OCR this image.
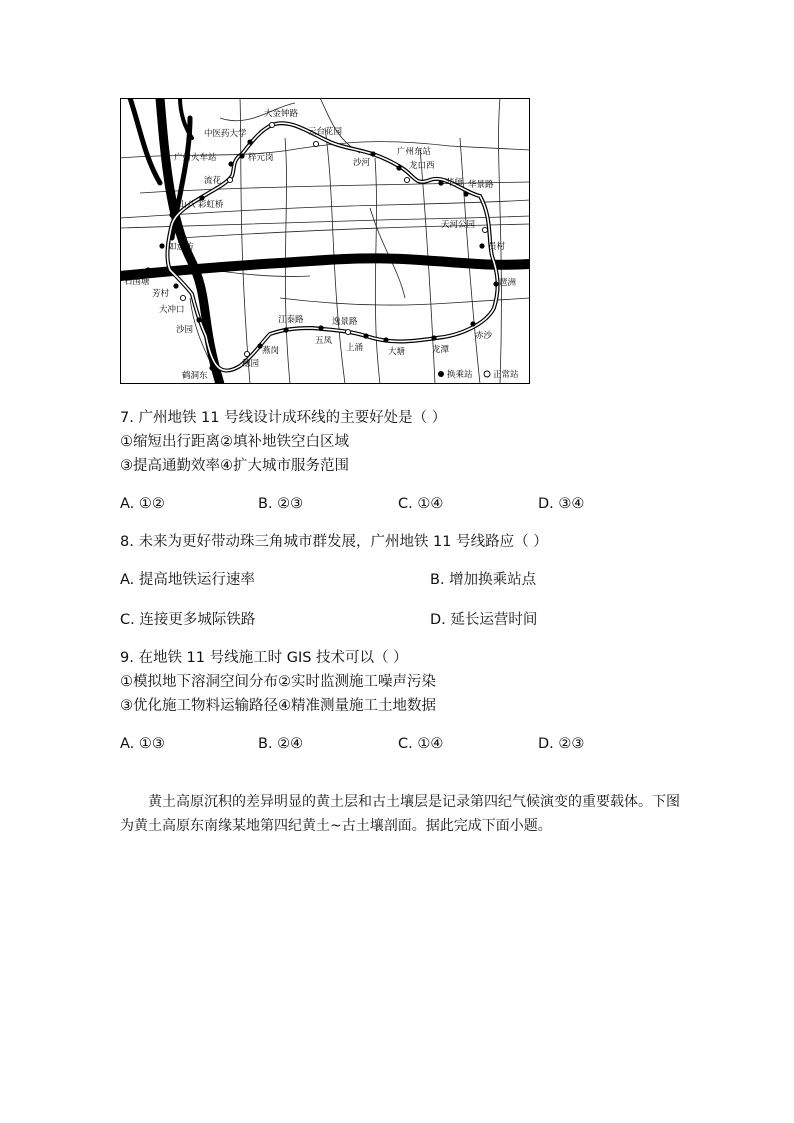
大金钟路
中医药大学	云台花园
广州东站
广州火车站	梓元岗	沙河	龙口西
流花	华师 华景路
彩虹桥
中山八
天河公园
如意坊	员村
石围塘	琶洲
芳村
大冲口
江泰路	逸景路
赤沙
沙园
五凤
上涌	龙潭
燕岗	大塘
穗园
鹤洞东	换乘站 正常站
7. 广州地铁 11 号线设计成环线的主要好处是（ ）
①缩短出行距离②填补地铁空白区域
③提高通勤效率④扩大城市服务范围
A. ①②	B. ②③	C. ①④	D. ③④
8. 未来为更好带动珠三角城市群发展，广州地铁 11 号线路应（ ）
A. 提高地铁运行速率	B. 增加换乘站点
C. 连接更多城际铁路	D. 延长运营时间
9. 在地铁 11 号线施工时 GIS 技术可以（ ）
①模拟地下溶洞空间分布②实时监测施工噪声污染
③优化施工物料运输路径④精准测量施工土地数据
A. ①③	B. ②④	C. ①④	D. ②③

黄土高原沉积的差异明显的黄土层和古土壤层是记录第四纪气候演变的重要载体。下图为黄土高原东南缘某地第四纪黄土~古土壤剖面。据此完成下面小题。
